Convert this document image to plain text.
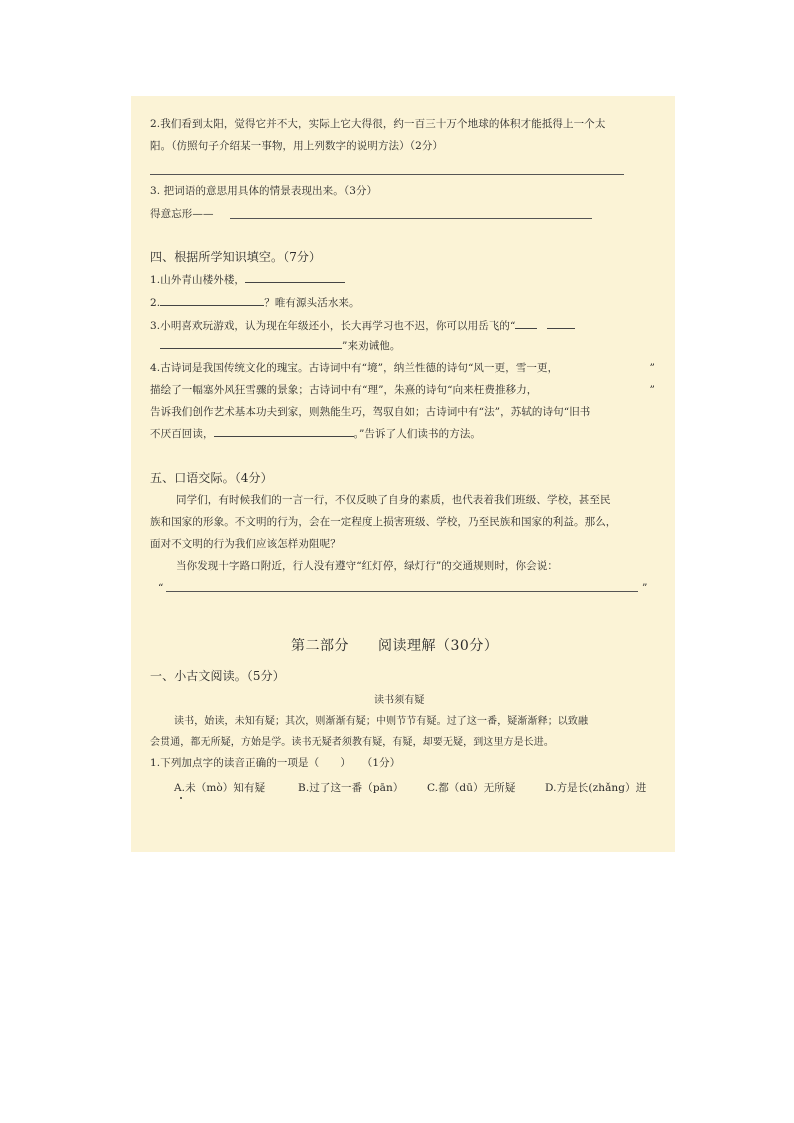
2.我们看到太阳，觉得它并不大，实际上它大得很，约一百三十万个地球的体积才能抵得上一个太
阳。（仿照句子介绍某一事物，用上列数字的说明方法）（2分）
3. 把词语的意思用具体的情景表现出来。（3分）
得意忘形——
四、根据所学知识填空。（7分）
1.山外青山楼外楼，
2.	？唯有源头活水来。
3.小明喜欢玩游戏，认为现在年级还小，长大再学习也不迟，你可以用岳飞的“
”来劝诫他。
4.古诗词是我国传统文化的瑰宝。古诗词中有“境”，纳兰性德的诗句“风一更，雪一更，	”
描绘了一幅塞外风狂雪骤的景象；古诗词中有“理”，朱熹的诗句“向来枉费推移力，	”
告诉我们创作艺术基本功夫到家，则熟能生巧，驾驭自如；古诗词中有“法”，苏轼的诗句“旧书
不厌百回读，	。”告诉了人们读书的方法。
五、口语交际。（4分）
同学们，有时候我们的一言一行，不仅反映了自身的素质，也代表着我们班级、学校，甚至民
族和国家的形象。不文明的行为，会在一定程度上损害班级、学校，乃至民族和国家的利益。那么，
面对不文明的行为我们应该怎样劝阻呢？
当你发现十字路口附近，行人没有遵守“红灯停，绿灯行”的交通规则时，你会说：
“	”
第二部分　　阅读理解（30分）
一、小古文阅读。（5分）
读书须有疑
读书，始读，未知有疑；其次，则渐渐有疑；中则节节有疑。过了这一番，疑渐渐释；以致融
会贯通，都无所疑，方始是学。读书无疑者须教有疑，有疑，却要无疑，到这里方是长进。
1.下列加点字的读音正确的一项是（　　）　　（1分）
A.未（mò）知有疑	B.过了这一番（pān） C.都（dū）无所疑	D.方是长(zhǎng）进
